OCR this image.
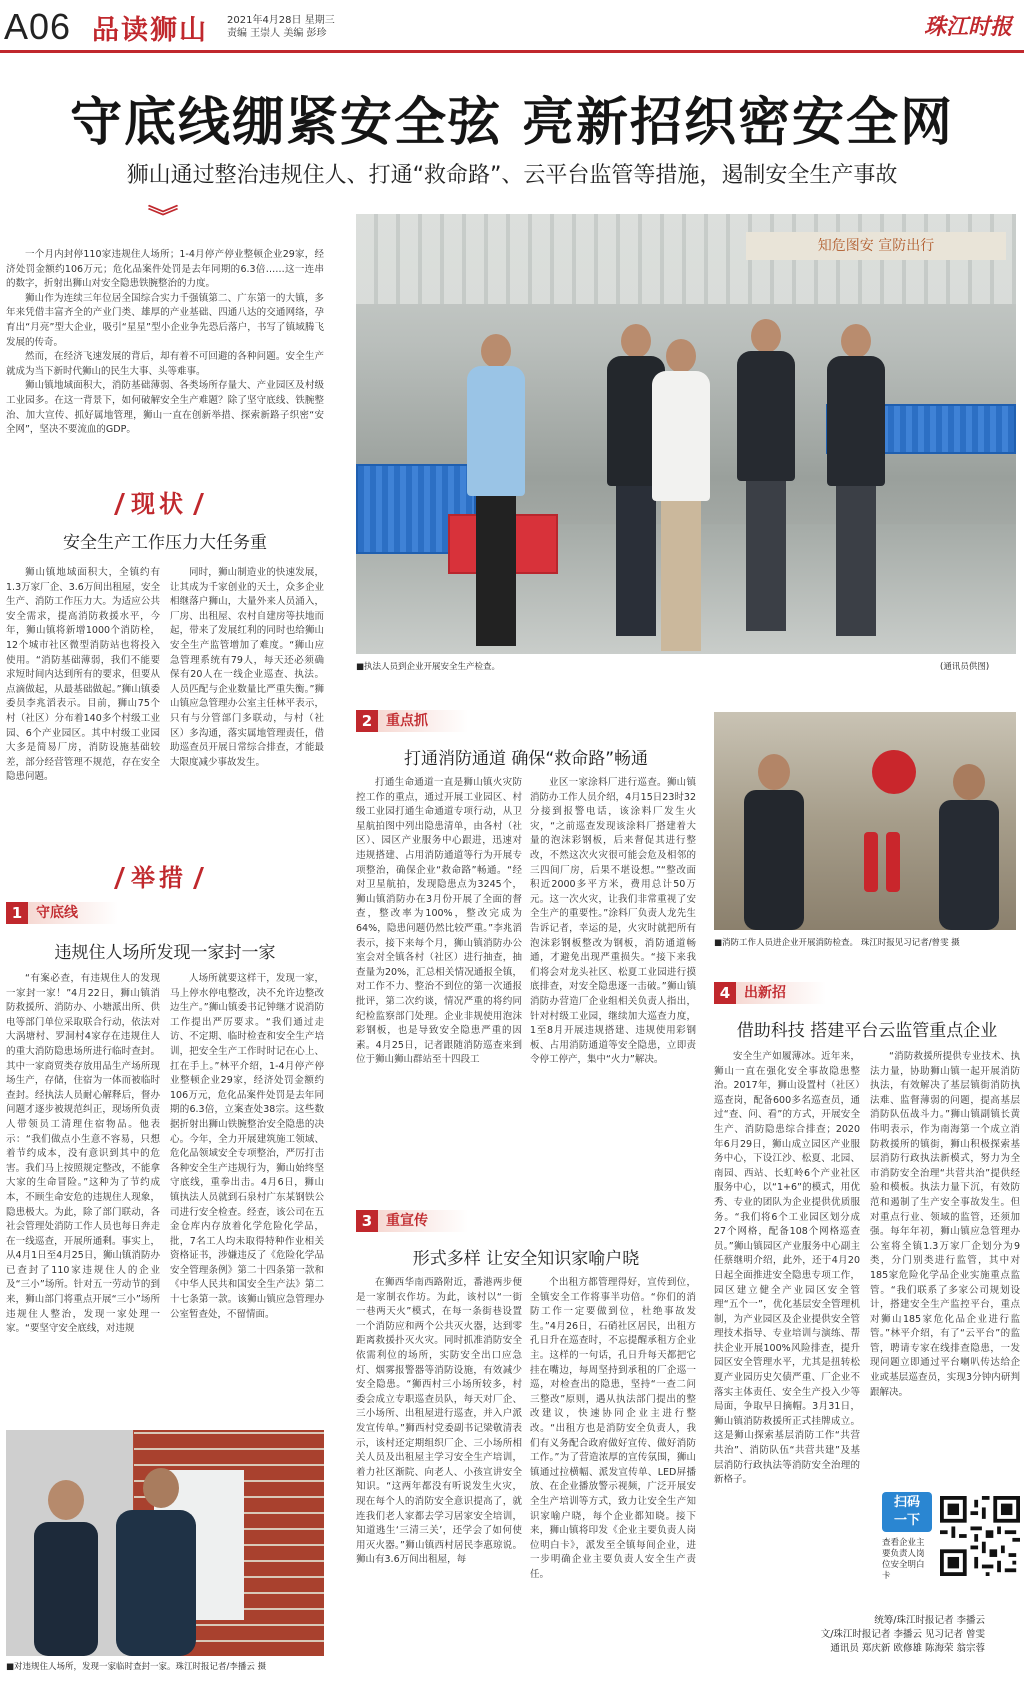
A06 品读狮山 2021年4月28日 星期三
责编 王崇人 美编 彭珍	珠江时报
守底线绷紧安全弦 亮新招织密安全网
狮山通过整治违规住人、打通“救命路”、云平台监管等措施，遏制安全生产事故
︾

一个月内封停110家违规住人场所；1-4月停产停业整顿企业29家，经济处罚金额约106万元；危化品案件处罚是去年同期的6.3倍……这一连串的数字，折射出狮山对安全隐患铁腕整治的力度。

狮山作为连续三年位居全国综合实力千强镇第二、广东第一的大镇，多年来凭借丰富齐全的产业门类、雄厚的产业基础、四通八达的交通网络，孕育出“月亮”型大企业，吸引“星星”型小企业争先恐后落户，书写了镇域腾飞发展的传奇。

然而，在经济飞速发展的背后，却有着不可回避的各种问题。安全生产就成为当下新时代狮山的民生大事、头等难事。

狮山镇地域面积大，消防基础薄弱、各类场所存量大、产业园区及村级工业园多。在这一背景下，如何破解安全生产难题？除了坚守底线、铁腕整治、加大宣传、抓好属地管理，狮山一直在创新举措、探索新路子织密“安全网”，坚决不要流血的GDP。

现状
安全生产工作压力大任务重
狮山镇地域面积大，全镇约有1.3万家厂企、3.6万间出租屋，安全生产、消防工作压力大。为适应公共安全需求，提高消防救援水平，今年，狮山镇将新增1000个消防栓，12个城市社区微型消防站也将投入使用。“消防基础薄弱，我们不能要求短时间内达到所有的要求，但要从点滴做起，从最基础做起。”狮山镇委委员李兆滔表示。目前，狮山75个村（社区）分布着140多个村级工业园、6个产业园区。其中村级工业园大多是简易厂房，消防设施基础较差，部分经营管理不规范，存在安全隐患问题。
同时，狮山制造业的快速发展，让其成为千家创业的天土，众多企业相继落户狮山，大量外来人员涌入，厂房、出租屋、农村自建房等扶地而起，带来了发展红利的同时也给狮山安全生产监管增加了难度。“狮山应急管理系统有79人，每天还必须确保有20人在一线企业巡查、执法。人员匹配与企业数量比严重失衡。”狮山镇应急管理办公室主任林平表示，只有与分管部门多联动，与村（社区）多沟通，落实属地管理责任，借助巡查员开展日常综合排查，才能最大限度减少事故发生。
举措
1 守底线
违规住人场所发现一家封一家
“有案必查，有违规住人的发现一家封一家！”4月22日，狮山镇消防救援所、消防办、小塘派出所、供电等部门单位采取联合行动，依法对大涡塘村、罗洞村4家存在违规住人的重大消防隐患场所进行临时查封。其中一家商贸类存放用品生产场所现场生产，存储，住宿为一体而被临时查封。经执法人员耐心解释后，督办问题才逐步被规范纠正，现场所负责人带领员工清理住宿物品。他表示：“我们做点小生意不容易，只想着节约成本，没有意识到其中的危害。我们马上按照规定整改，不能拿大家的生命冒险。”这种为了节约成本，不顾生命安危的违规住人现象，隐患极大。为此，除了部门联动，各社会管理处消防工作人员也每日奔走在一线巡查，开展所通剩。事实上，从4月1日至4月25日，狮山镇消防办已查封了110家违规住人的企业及“三小”场所。针对五一劳动节的到来，狮山部门将重点开展“三小”场所违规住人整治，发现一家处理一家。“要坚守安全底线，对违规
人场所就要这样干，发现一家，马上停水停电整改，决不允许边整改边生产。”狮山镇委书记钟继才说消防工作提出严厉要求。“我们通过走访、不定期、临时检查和安全生产培训，把安全生产工作时时记在心上、扛在手上。”林平介绍，1-4月停产停业整顿企业29家，经济处罚金额约106万元，危化品案件处罚是去年同期的6.3倍，立案查处38宗。这些数据折射出狮山铁腕整治安全隐患的决心。今年，全力开展建筑施工领域、危化品领域安全专项整治，严厉打击各种安全生产违规行为，狮山始终坚守底线，重拳出击。4月6日，狮山镇执法人员就到石泉村广东某钢铁公司进行安全检查。经查，该公司在五金仓库内存放着化学危险化学品，批，7名工人均未取得特种作业相关资格证书，涉嫌违反了《危险化学品安全管理条例》第二十四条第一款和《中华人民共和国安全生产法》第二十七条第一款。该狮山镇应急管理办公室暂查处，不留情面。
■对违规住人场所，发现一家临时查封一家。珠江时报记者/李播云 摄
知危图安 宣防出行
■执法人员到企业开展安全生产检查。	(通讯员供图)
2 重点抓
打通消防通道 确保“救命路”畅通
打通生命通道一直是狮山镇火灾防控工作的重点，通过开展工业园区、村级工业园打通生命通道专项行动，从卫星航拍图中列出隐患清单，由各村（社区）、园区产业服务中心跟进，迅速对违规搭建、占用消防通道等行为开展专项整治，确保企业“救命路”畅通。“经对卫星航拍，发现隐患点为3245个，狮山镇消防办在3月份开展了全面的督查，整改率为100%，整改完成为64%，隐患问题仍然比较严重。”李兆滔表示，接下来每个月，狮山镇消防办公室会对全镇各村（社区）进行抽查，抽查量为20%，汇总相关情况通报全镇，对工作不力、整治不到位的第一次通报批评，第二次约谈，情况严重的将约同纪检监察部门处理。企业非规使用泡沫彩钢板，也是导致安全隐患严重的因素。4月25日，记者跟随消防巡查来到位于狮山狮山群站至十四段工
业区一家涂料厂进行巡查。狮山镇消防办工作人员介绍，4月15日23时32分接到报警电话，该涂料厂发生火灾，“之前巡查发现该涂料厂搭建着大量的泡沫彩钢板，后来督促其进行整改，不然这次火灾很可能会危及相邻的三四间厂房，后果不堪设想。”“整改面积近2000多平方米，费用总计50万元。这一次火灾，让我们非常重视了安全生产的重要性。”涂料厂负责人龙先生告诉记者，幸运的是，火灾时就把所有泡沫彩钢板整改为钢板，消防通道畅通，才避免出现严重损失。“接下来我们将会对龙头社区、松夏工业园进行摸底排查，对安全隐患逐一击破。”狮山镇消防办营造厂企业组相关负责人指出，针对村级工业园，继续加大巡查力度，1至8月开展违规搭建、违规使用彩钢板、占用消防通道等安全隐患，立即责令停工停产，集中“火力”解决。
■消防工作人员进企业开展消防检查。 珠江时报见习记者/曾雯 摄
3 重宣传
形式多样 让安全知识家喻户晓
在狮西华南西路附近，番港两步便是一家制衣作坊。为此，该村以“一街一巷两天火”模式，在每一条街巷设置一个消防应和两个公共灭火器，达到零距离救援扑灭火灾。同时抓准消防安全依需利位的场所，实防安全出口应急灯、烟雾报警器等消防设施，有效减少安全隐患。“狮西村三小场所较多，村委会成立专职巡查员队，每天对厂企、三小场所、出租屋进行巡查，并入户派发宣传单。”狮西村党委副书记梁敬清表示，该村还定期组织厂企、三小场所相关人员及出租屋主学习安全生产培训，着力社区渐院、向老人、小孩宣讲安全知识。“这两年都没有听说发生火灾，现在每个人的消防安全意识提高了，就连我们老人家都去学习居家安全培训，知道逃生‘三清三关’，还学会了如何使用灭火器。”狮山镇西村居民李惠琼说。狮山有3.6万间出租屋，每
个出租方都管理得好，宣传到位，全镇安全工作将事半功倍。“你们的消防工作一定要做到位，杜绝事故发生。”4月26日，石硝社区居民，出租方孔日升在巡查时，不忘提醒承租方企业主。这样的一句话，孔日升每天都把它挂在嘴边，每周坚持到承租的厂企巡一巡，对检查出的隐患，坚持“一查二问三整改”原则，遇从执法部门提出的整改建议，快速协同企业主进行整改。“出租方也是消防安全负责人，我们有义务配合政府做好宣传、做好消防工作。”为了营造浓厚的宣传氛围，狮山镇通过拉横幅、派发宣传单、LED屏播放、在企业播放警示视频，广泛开展安全生产培训等方式，致力让安全生产知识家喻户晓，每个企业都知晓。接下来，狮山镇将印发《企业主要负责人岗位明白卡》，派发至全镇每间企业，进一步明确企业主要负责人安全生产责任。
4 出新招
借助科技 搭建平台云监管重点企业
安全生产如履薄冰。近年来，狮山一直在强化安全事故隐患整治。2017年，狮山设置村（社区）巡查岗，配备600多名巡查员，通过“查、问、看”的方式，开展安全生产、消防隐患综合排查；2020年6月29日，狮山成立园区产业服务中心，下设江沙、松夏、北园、南园、西站、长虹岭6个产业社区服务中心，以“1+6”的模式，用优秀、专业的团队为企业提供优质服务。“我们将6个工业园区划分成27个网格，配备108个网格巡查员。”狮山镇园区产业服务中心副主任蔡继明介绍，此外，还于4月20日起全面推进安全隐患专项工作，园区建立健全产业园区安全管理“五个一”，优化基层安全管理机制，为产业园区及企业提供安全管理技术指导、专业培训与演练、帮扶企业开展100%风险排查，提升园区安全管理水平，尤其是扭转松夏产业园历史欠债严重、厂企业不落实主体责任、安全生产投入少等局面，争取早日摘帽。3月31日，狮山镇消防救援所正式挂牌成立。这是狮山探索基层消防工作“共营共治”、消防队伍“共营共建”及基层消防行政执法等消防安全治理的新格子。
“消防救援所提供专业技术、执法力量，协助狮山镇一起开展消防执法，有效解决了基层镇街消防执法难、监督薄弱的问题，提高基层消防队伍战斗力。”狮山镇副镇长黄伟明表示，作为南海第一个成立消防救援所的镇街，狮山积极探索基层消防行政执法新模式，努力为全市消防安全治理“共营共治”提供经验和模板。执法力量下沉，有效防范和遏制了生产安全事故发生。但对重点行业、领域的监管，还须加强。每年年初，狮山镇应急管理办公室将全镇1.3万家厂企划分为9类，分门别类进行监管，其中对185家危险化学品企业实施重点监管。“我们联系了多家公司规划设计，搭建安全生产监控平台，重点对狮山185家危化品企业进行监管。”林平介绍，有了“云平台”的监管，聘请专家在线排查隐患，一发现问题立即通过平台喇叭传达给企业或基层巡查员，实现3分钟内研判跟解决。
扫码
一下
查看企业主要负责人岗位安全明白卡
统筹/珠江时报记者 李播云
文/珠江时报记者 李播云 见习记者 曾雯
通讯员 郑庆新 欧修雄 陈海荣 翁宗蓉
